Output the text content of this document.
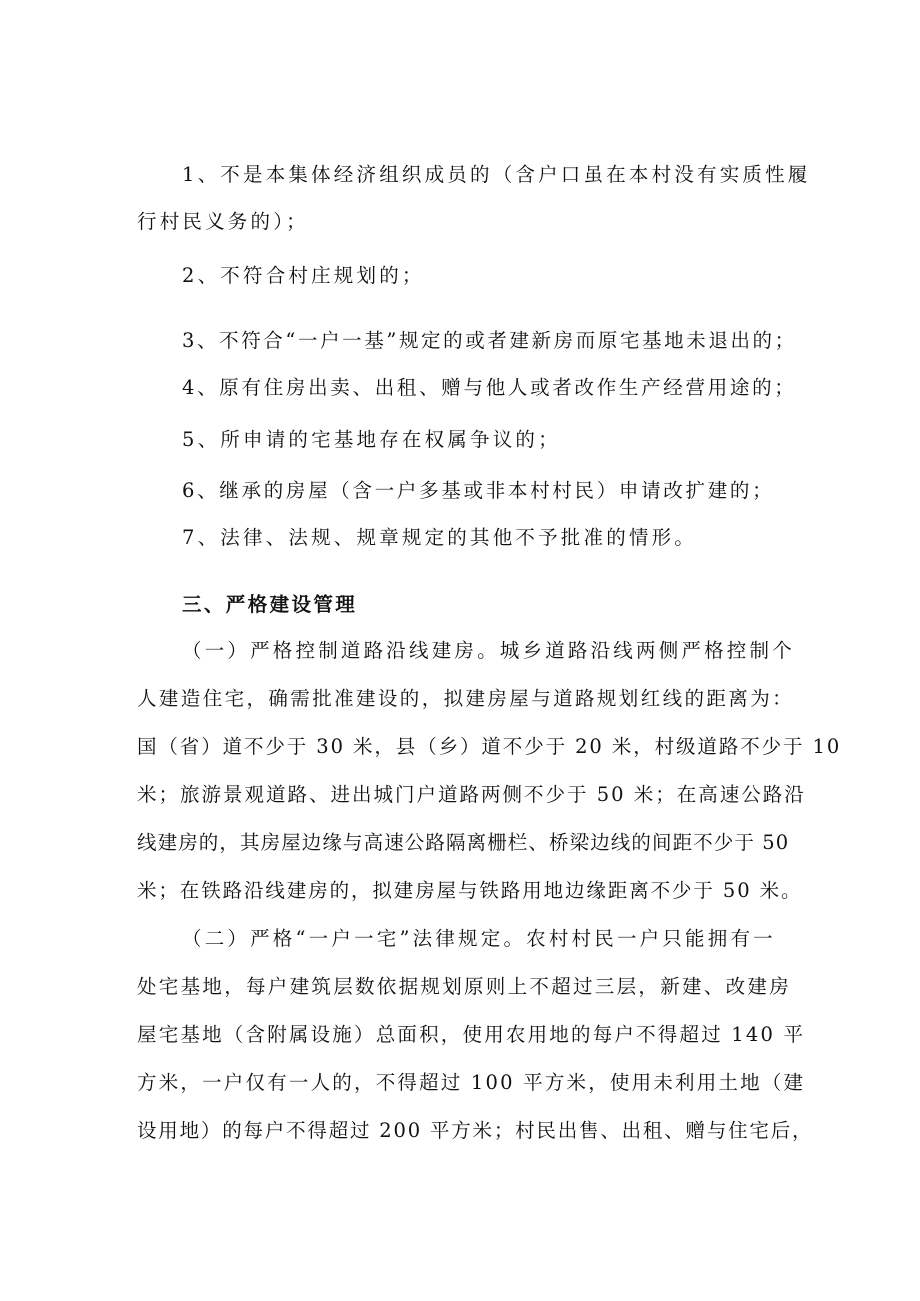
1、不是本集体经济组织成员的（含户口虽在本村没有实质性履
行村民义务的）；
2、不符合村庄规划的；
3、不符合“一户一基”规定的或者建新房而原宅基地未退出的；
4、原有住房出卖、出租、赠与他人或者改作生产经营用途的；
5、所申请的宅基地存在权属争议的；
6、继承的房屋（含一户多基或非本村村民）申请改扩建的；
7、法律、法规、规章规定的其他不予批准的情形。
三、严格建设管理
（一）严格控制道路沿线建房。城乡道路沿线两侧严格控制个
人建造住宅，确需批准建设的，拟建房屋与道路规划红线的距离为：
国（省）道不少于 30 米，县（乡）道不少于 20 米，村级道路不少于 10
米；旅游景观道路、进出城门户道路两侧不少于 50 米；在高速公路沿
线建房的，其房屋边缘与高速公路隔离栅栏、桥梁边线的间距不少于 50
米；在铁路沿线建房的，拟建房屋与铁路用地边缘距离不少于 50 米。
（二）严格“一户一宅”法律规定。农村村民一户只能拥有一
处宅基地，每户建筑层数依据规划原则上不超过三层，新建、改建房
屋宅基地（含附属设施）总面积，使用农用地的每户不得超过 140 平
方米，一户仅有一人的，不得超过 100 平方米，使用未利用土地（建
设用地）的每户不得超过 200 平方米；村民出售、出租、赠与住宅后，
